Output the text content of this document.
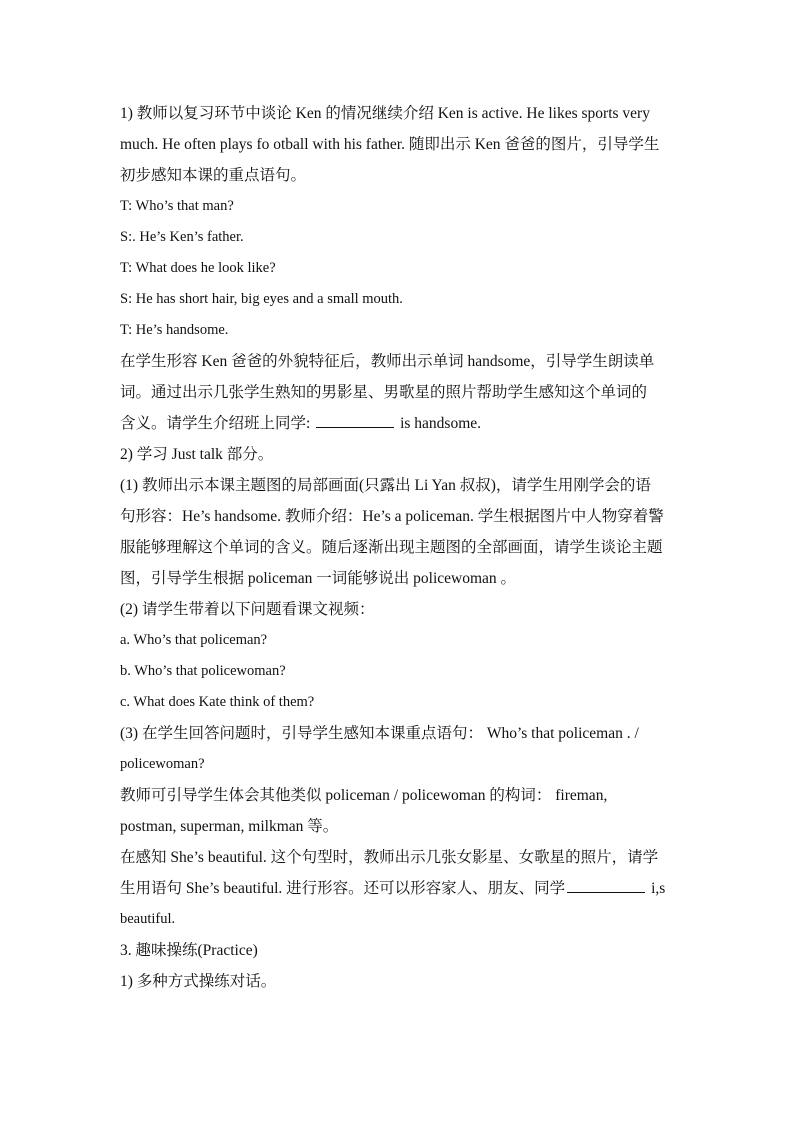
1) 教师以复习环节中谈论 Ken 的情况继续介绍 Ken is active. He likes sports very
much. He often plays fo otball with his father. 随即出示 Ken 爸爸的图片，引导学生
初步感知本课的重点语句。
T: Who’s that man?
S:. He’s Ken’s father.
T: What does he look like?
S: He has short hair, big eyes and a small mouth.
T: He’s handsome.
在学生形容 Ken 爸爸的外貌特征后，教师出示单词 handsome，引导学生朗读单
词。通过出示几张学生熟知的男影星、男歌星的照片帮助学生感知这个单词的
含义。请学生介绍班上同学:	is handsome.
2) 学习 Just talk 部分。
(1) 教师出示本课主题图的局部画面(只露出 Li Yan 叔叔)，请学生用刚学会的语
句形容：He’s handsome. 教师介绍：He’s a policeman. 学生根据图片中人物穿着警
服能够理解这个单词的含义。随后逐渐出现主题图的全部画面，请学生谈论主题
图，引导学生根据 policeman 一词能够说出 policewoman 。
(2) 请学生带着以下问题看课文视频：
a. Who’s that policeman?
b. Who’s that policewoman?
c. What does Kate think of them?
(3) 在学生回答问题时，引导学生感知本课重点语句： Who’s that policeman . /
policewoman?
教师可引导学生体会其他类似 policeman / policewoman 的构词： fireman,
postman, superman, milkman 等。
在感知 She’s beautiful. 这个句型时，教师出示几张女影星、女歌星的照片，请学
生用语句 She’s beautiful. 进行形容。还可以形容家人、朋友、同学	i,s
beautiful.
3. 趣味操练(Practice)
1) 多种方式操练对话。
